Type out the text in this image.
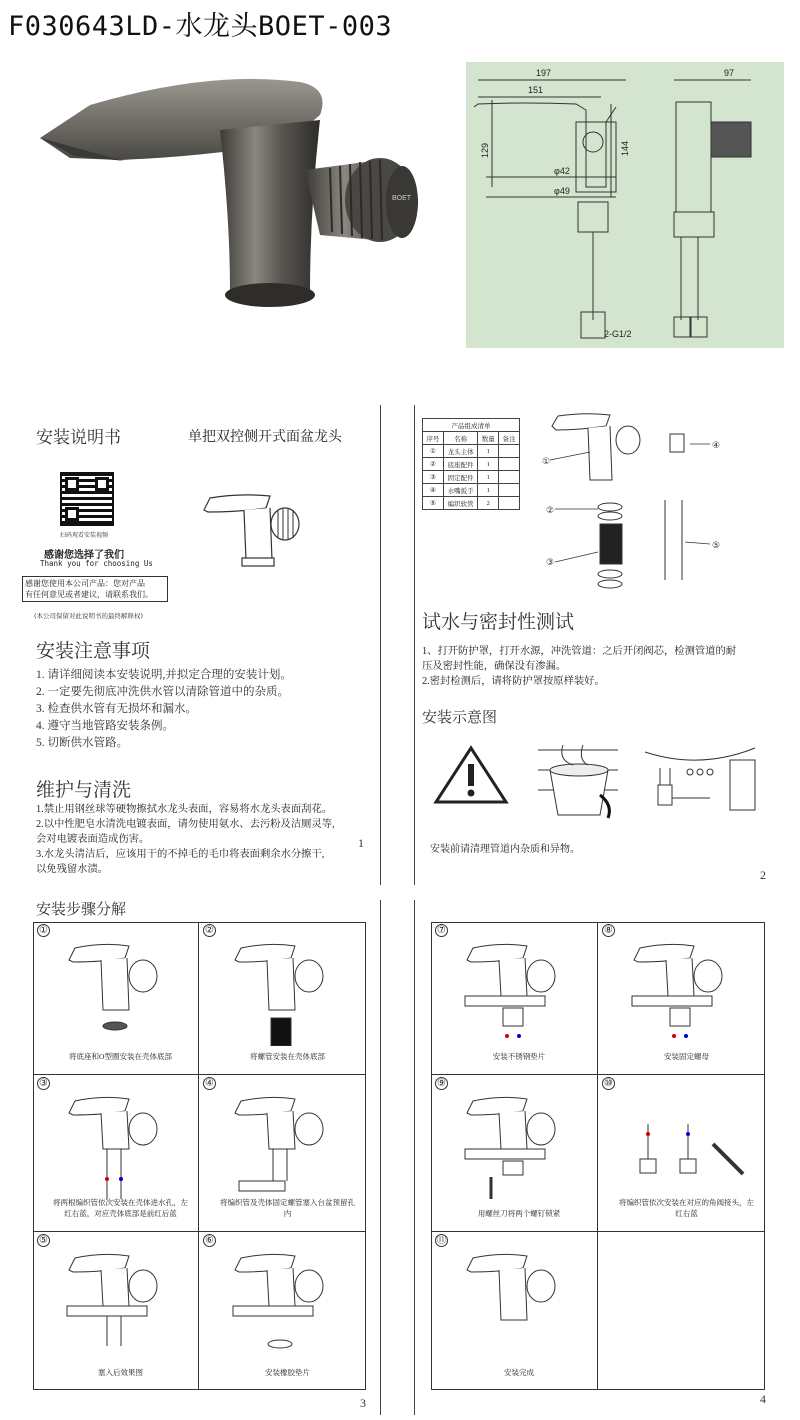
F030643LD-水龙头BOET-003
BOET
197
151
97
129	144
φ42
φ49
2-G1/2
安装说明书	单把双控侧开式面盆龙头
扫码观看安装视频
感谢您选择了我们
Thank you for choosing Us
感谢您使用本公司产品：您对产品
有任何意见或者建议，请联系我们。
(本公司保留对此说明书的最终解释权)
安装注意事项
1. 请详细阅读本安装说明,并拟定合理的安装计划。
2. 一定要先彻底冲洗供水管以清除管道中的杂质。
3. 检查供水管有无损坏和漏水。
4. 遵守当地管路安装条例。
5. 切断供水管路。
维护与清洗
1.禁止用钢丝球等硬物擦拭水龙头表面，容易将水龙头表面刮花。
2.以中性肥皂水清洗电镀表面，请勿使用氨水、去污粉及洁厕灵等,
会对电镀表面造成伤害。
3.水龙头清洁后，应该用干的不掉毛的毛巾将表面剩余水分擦干,
以免残留水渍。
1
产品组成清单			
序号	名称	数量	备注
①	龙头主体	1	
②	底座配件	1	
③	固定配件	1	
④	水嘴扳手	1	
⑤	编织软管	2	
①
②
③
④
⑤
试水与密封性测试
1、打开防护罩，打开水源，冲洗管道：之后开闭阀芯，检测管道的耐
压及密封性能，确保没有渗漏。
2.密封检测后，请将防护罩按原样装好。
安装示意图
安装前请清理管道内杂质和异物。
2
安装步骤分解
①
将底座和O型圈安装在壳体底部
②
将螺管安装在壳体底部
③
将两根编织管依次安装在壳体进水孔，左红右蓝，对应壳体底部是前红后蓝
④
将编织管及壳体固定螺管塞入台盆预留孔内
⑤
塞入后效果图
⑥
安装橡胶垫片
3
⑦
安装不锈钢垫片
⑧
安装固定螺母
⑨
用螺丝刀将两个螺钉锁紧
⑩
将编织管依次安装在对应的角阀接头，左红右蓝
⑪
安装完成
4
